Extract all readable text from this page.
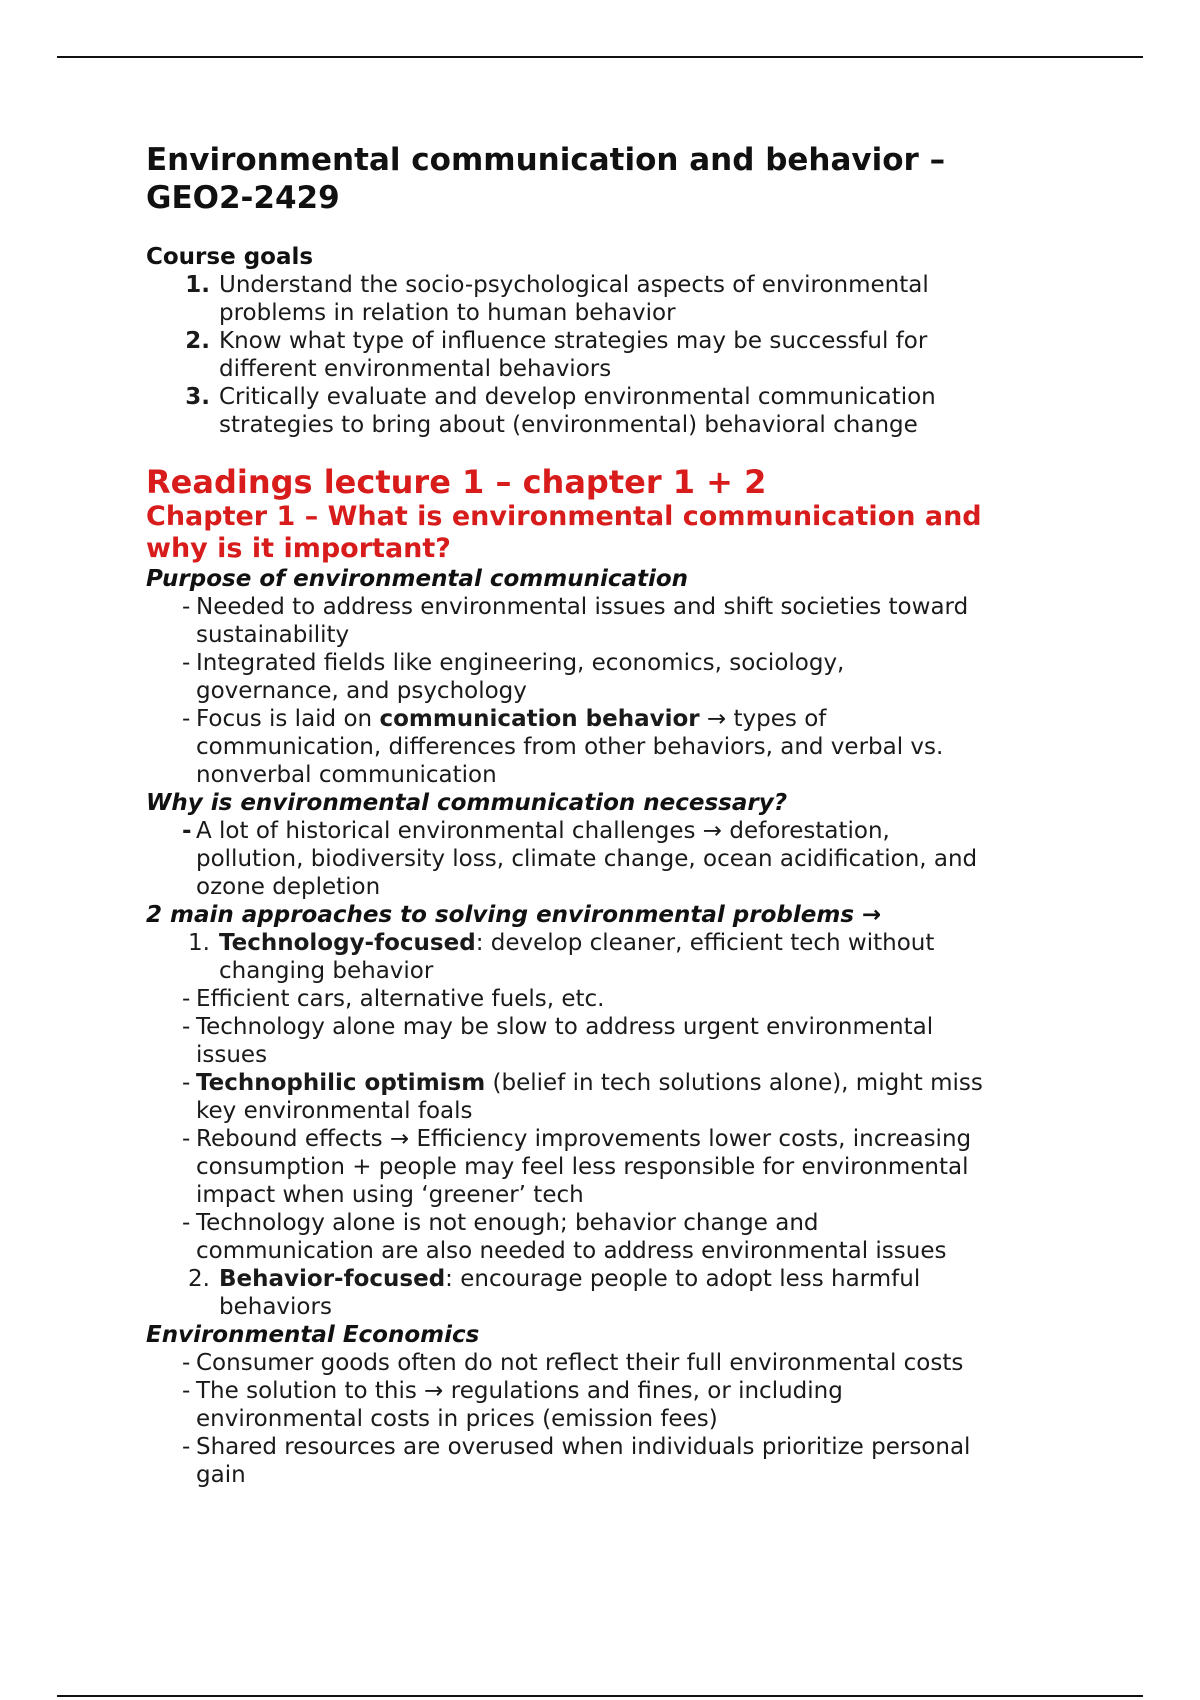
Environmental communication and behavior –
GEO2-2429
Course goals
1. Understand the socio-psychological aspects of environmental
problems in relation to human behavior
2. Know what type of influence strategies may be successful for
different environmental behaviors
3. Critically evaluate and develop environmental communication
strategies to bring about (environmental) behavioral change
Readings lecture 1 – chapter 1 + 2
Chapter 1 – What is environmental communication and
why is it important?
Purpose of environmental communication
- Needed to address environmental issues and shift societies toward
sustainability
- Integrated fields like engineering, economics, sociology,
governance, and psychology
- Focus is laid on communication behavior → types of
communication, differences from other behaviors, and verbal vs.
nonverbal communication
Why is environmental communication necessary?
- A lot of historical environmental challenges → deforestation,
pollution, biodiversity loss, climate change, ocean acidification, and
ozone depletion
2 main approaches to solving environmental problems →
1. Technology-focused: develop cleaner, efficient tech without
changing behavior
- Efficient cars, alternative fuels, etc.
- Technology alone may be slow to address urgent environmental
issues
- Technophilic optimism (belief in tech solutions alone), might miss
key environmental foals
- Rebound effects → Efficiency improvements lower costs, increasing
consumption + people may feel less responsible for environmental
impact when using ‘greener’ tech
- Technology alone is not enough; behavior change and
communication are also needed to address environmental issues
2. Behavior-focused: encourage people to adopt less harmful
behaviors
Environmental Economics
- Consumer goods often do not reflect their full environmental costs
- The solution to this → regulations and fines, or including
environmental costs in prices (emission fees)
- Shared resources are overused when individuals prioritize personal
gain
